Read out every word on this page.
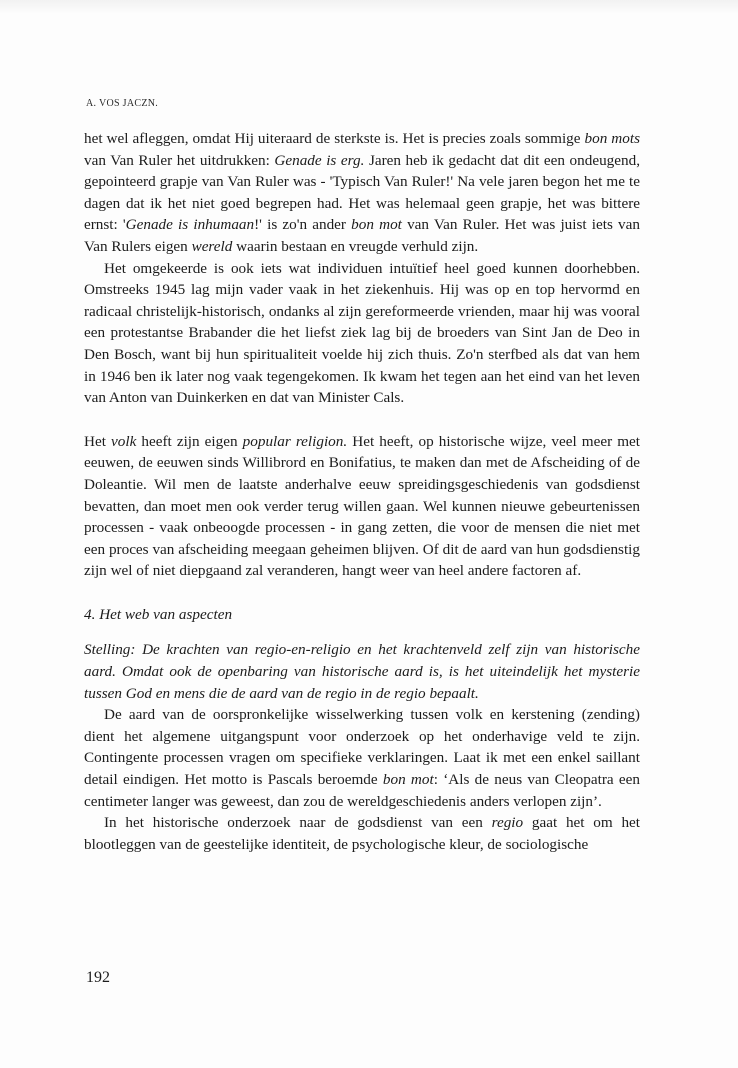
A. VOS JACZN.

het wel afleggen, omdat Hij uiteraard de sterkste is. Het is precies zoals sommige bon mots van Van Ruler het uitdrukken: Genade is erg. Jaren heb ik gedacht dat dit een ondeugend, gepointeerd grapje van Van Ruler was - 'Typisch Van Ruler!' Na vele jaren begon het me te dagen dat ik het niet goed begrepen had. Het was helemaal geen grapje, het was bittere ernst: 'Genade is inhumaan!' is zo'n ander bon mot van Van Ruler. Het was juist iets van Van Rulers eigen wereld waarin bestaan en vreugde verhuld zijn.

Het omgekeerde is ook iets wat individuen intuïtief heel goed kunnen doorhebben. Omstreeks 1945 lag mijn vader vaak in het ziekenhuis. Hij was op en top hervormd en radicaal christelijk-historisch, ondanks al zijn gereformeerde vrienden, maar hij was vooral een protestantse Brabander die het liefst ziek lag bij de broeders van Sint Jan de Deo in Den Bosch, want bij hun spiritualiteit voelde hij zich thuis. Zo'n sterfbed als dat van hem in 1946 ben ik later nog vaak tegengekomen. Ik kwam het tegen aan het eind van het leven van Anton van Duinkerken en dat van Minister Cals.

Het volk heeft zijn eigen popular religion. Het heeft, op historische wijze, veel meer met eeuwen, de eeuwen sinds Willibrord en Bonifatius, te maken dan met de Afscheiding of de Doleantie. Wil men de laatste anderhalve eeuw spreidingsgeschiedenis van godsdienst bevatten, dan moet men ook verder terug willen gaan. Wel kunnen nieuwe gebeurtenissen processen - vaak onbeoogde processen - in gang zetten, die voor de mensen die niet met een proces van afscheiding meegaan geheimen blijven. Of dit de aard van hun godsdienstig zijn wel of niet diepgaand zal veranderen, hangt weer van heel andere factoren af.

4. Het web van aspecten

Stelling: De krachten van regio-en-religio en het krachtenveld zelf zijn van historische aard. Omdat ook de openbaring van historische aard is, is het uiteindelijk het mysterie tussen God en mens die de aard van de regio in de regio bepaalt.

De aard van de oorspronkelijke wisselwerking tussen volk en kerstening (zending) dient het algemene uitgangspunt voor onderzoek op het onderhavige veld te zijn. Contingente processen vragen om specifieke verklaringen. Laat ik met een enkel saillant detail eindigen. Het motto is Pascals beroemde bon mot: ‘Als de neus van Cleopatra een centimeter langer was geweest, dan zou de wereldgeschiedenis anders verlopen zijn’.

In het historische onderzoek naar de godsdienst van een regio gaat het om het blootleggen van de geestelijke identiteit, de psychologische kleur, de sociologische

192
